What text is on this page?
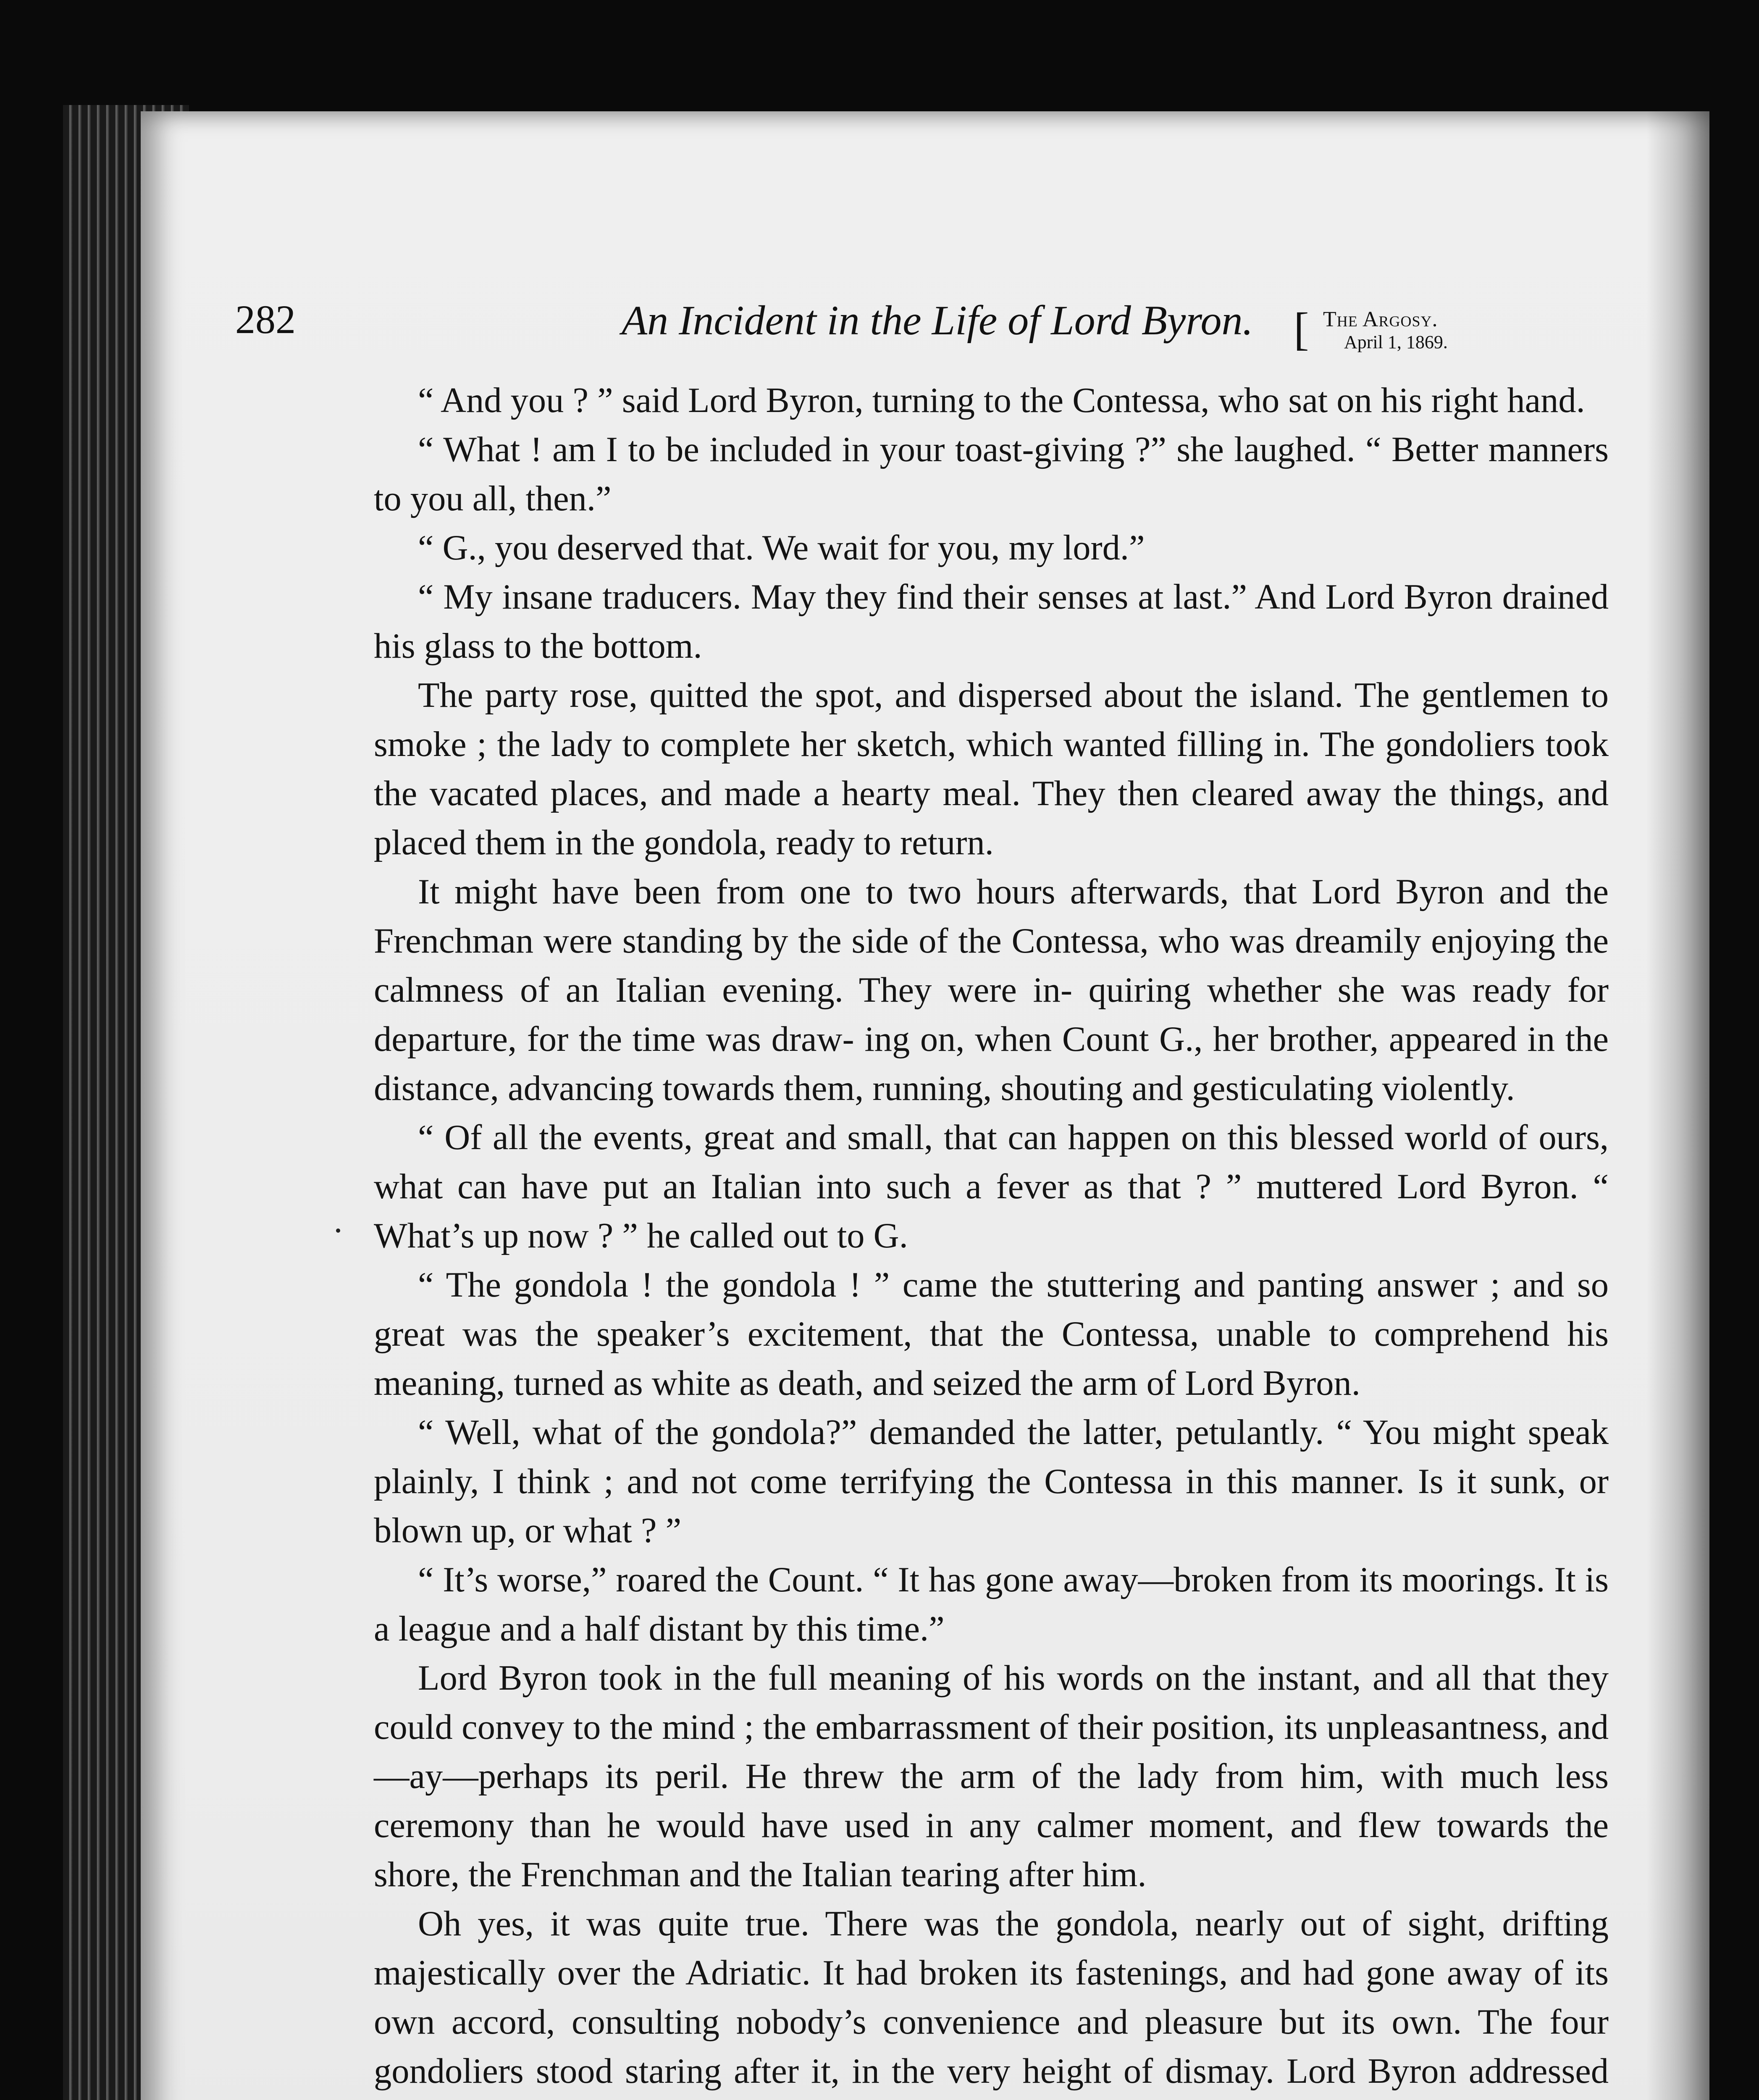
282	An Incident in the Life of Lord Byron. [ The Argosy.
April 1, 1869.

“ And you ? ” said Lord Byron, turning to the Contessa, who sat on his right hand.

“ What ! am I to be included in your toast-giving ?” she laughed. “ Better manners to you all, then.”

“ G., you deserved that. We wait for you, my lord.”

“ My insane traducers. May they find their senses at last.” And Lord Byron drained his glass to the bottom.

The party rose, quitted the spot, and dispersed about the island. The gentlemen to smoke ; the lady to complete her sketch, which wanted filling in. The gondoliers took the vacated places, and made a hearty meal. They then cleared away the things, and placed them in the gondola, ready to return.

It might have been from one to two hours afterwards, that Lord Byron and the Frenchman were standing by the side of the Contessa, who was dreamily enjoying the calmness of an Italian evening. They were in- quiring whether she was ready for departure, for the time was draw- ing on, when Count G., her brother, appeared in the distance, advancing towards them, running, shouting and gesticulating violently.

“ Of all the events, great and small, that can happen on this blessed world of ours, what can have put an Italian into such a fever as that ? ” muttered Lord Byron. “ What’s up now ? ” he called out to G.

“ The gondola ! the gondola ! ” came the stuttering and panting answer ; and so great was the speaker’s excitement, that the Contessa, unable to comprehend his meaning, turned as white as death, and seized the arm of Lord Byron.

“ Well, what of the gondola?” demanded the latter, petulantly. “ You might speak plainly, I think ; and not come terrifying the Contessa in this manner. Is it sunk, or blown up, or what ? ”

“ It’s worse,” roared the Count. “ It has gone away—broken from its moorings. It is a league and a half distant by this time.”

Lord Byron took in the full meaning of his words on the instant, and all that they could convey to the mind ; the embarrassment of their position, its unpleasantness, and—ay—perhaps its peril. He threw the arm of the lady from him, with much less ceremony than he would have used in any calmer moment, and flew towards the shore, the Frenchman and the Italian tearing after him.

Oh yes, it was quite true. There was the gondola, nearly out of sight, drifting majestically over the Adriatic. It had broken its fastenings, and had gone away of its own accord, consulting nobody’s convenience and pleasure but its own. The four gondoliers stood staring after it, in the very height of dismay. Lord Byron addressed
